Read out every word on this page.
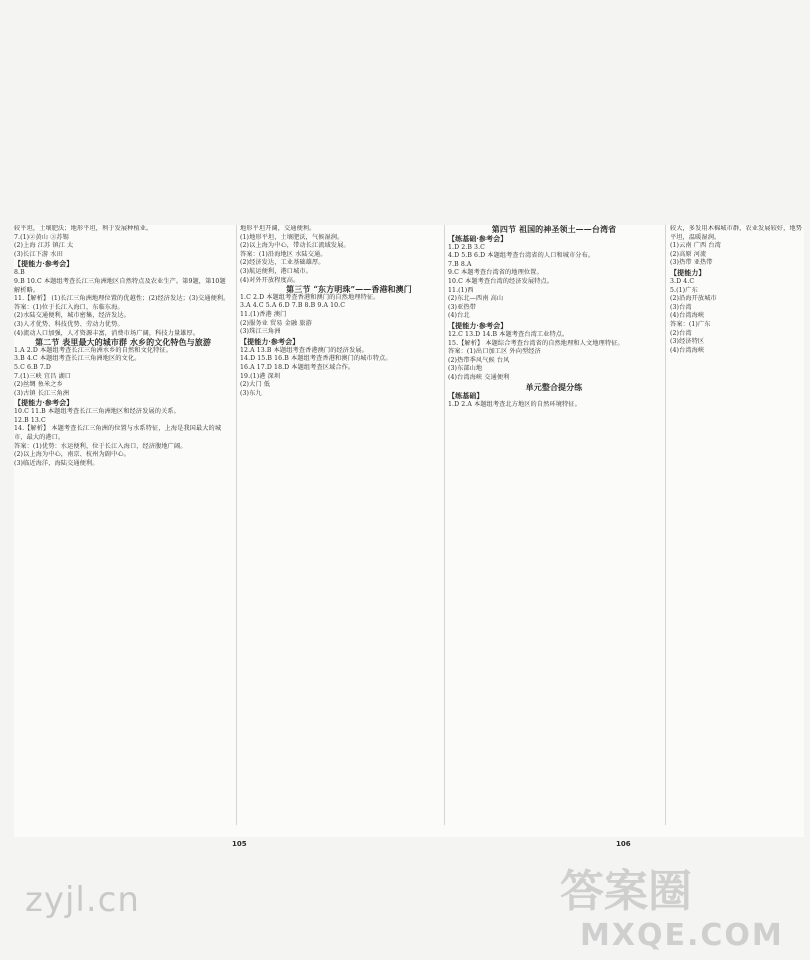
较平坦，土壤肥沃；地形平坦，利于发展种植业。

7.(1)②黄山 ③苏锡

(2)上海 江苏 镇江 太

(3)长江下游 水田

【提能力·参考会】

8.B

9.B 10.C 本题组考查长江三角洲地区自然特点及农业生产。第9题，第10题解析略。

11.【解析】 (1)长江三角洲地理位置的优越性；(2)经济发达；(3)交通便利。

答案：(1)位于长江入海口，东临东海。

(2)水陆交通便利，城市密集，经济发达。

(3)人才优势、科技优势、劳动力优势。

(4)流动人口加强，人才资源丰富，消费市场广阔，科技力量雄厚。

第二节 表里最大的城市群 水乡的文化特色与旅游

1.A 2.D 本题组考查长江三角洲水乡的自然和文化特征。

3.B 4.C 本题组考查长江三角洲地区的文化。

5.C 6.B 7.D

7.(1)三峡 宜昌 湖口

(2)丝绸 鱼米之乡

(3)古镇 长江三角洲

【提能力·参考会】

10.C 11.B 本题组考查长江三角洲地区和经济发展的关系。

12.B 13.C

14.【解析】 本题考查长江三角洲的位置与水系特征，上海是我国最大的城市，最大的港口。

答案：(1)优势：水运便利，位于长江入海口，经济腹地广阔。

(2)以上海为中心，南京、杭州为副中心。

(3)临近海洋，海陆交通便利。

地形平坦开阔，交通便利。

(1)地形平坦，土壤肥沃，气候湿润。

(2)以上海为中心，带动长江流域发展。

答案：(1)沿海地区 水陆交通。

(2)经济发达，工业基础雄厚。

(3)航运便利，港口城市。

(4)对外开放程度高。

第三节 “东方明珠”——香港和澳门

1.C 2.D 本题组考查香港和澳门的自然地理特征。

3.A 4.C 5.A 6.D 7.B 8.B 9.A 10.C

11.(1)香港 澳门

(2)服务业 贸易 金融 旅游

(3)珠江三角洲

【提能力·参考会】

12.A 13.B 本题组考查香港澳门的经济发展。

14.D 15.B 16.B 本题组考查香港和澳门的城市特点。

16.A 17.D 18.D 本题组考查区域合作。

19.(1)港 深圳

(2)大门 低

(3)东九

第四节 祖国的神圣领土——台湾省

【练基础·参考会】

1.D 2.B 3.C

4.D 5.B 6.D 本题组考查台湾省的人口和城市分布。

7.B 8.A

9.C 本题考查台湾省的地理位置。

10.C 本题考查台湾的经济发展特点。

11.(1)西

(2)东北—西南 高山

(3)亚热带

(4)台北

【提能力·参考会】

12.C 13.D 14.B 本题考查台湾工业特点。

15.【解析】 本题综合考查台湾省的自然地理和人文地理特征。

答案：(1)出口加工区 外向型经济

(2)热带季风气候 台风

(3)东部山地

(4)台湾海峡 交通便利

单元整合提分练

【练基础】

1.D 2.A 本题组考查北方地区的自然环境特征。

较大，多发用木棉城市群，农业发展较好，地势平坦，温暖湿润。

(1)云南 广西 台湾

(2)高原 河流

(3)热带 亚热带

【提能力】

3.D 4.C

5.(1)广东

(2)沿海开放城市

(3)台湾

(4)台湾海峡

答案：(1)广东

(2)台湾

(3)经济特区

(4)台湾海峡

105	106
zyjl.cn	答案圈
MXQE.COM
